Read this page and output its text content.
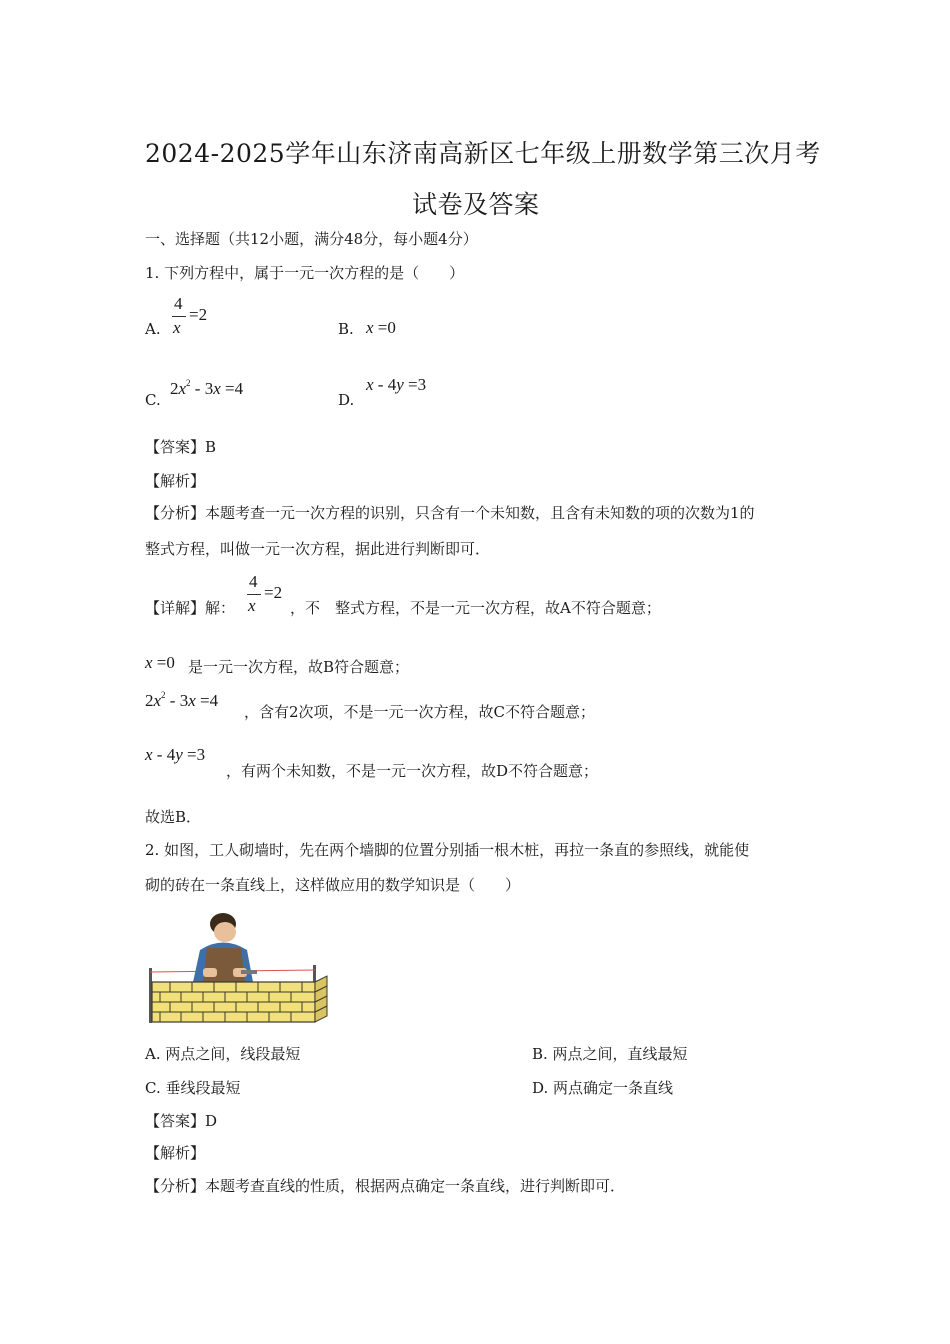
2024-2025学年山东济南高新区七年级上册数学第三次月考
试卷及答案
一、选择题（共12小题，满分48分，每小题4分）
1. 下列方程中，属于一元一次方程的是（　　）
A.
4
x
=2
B. x =0
C.
$2x^2 - 3x =4$
D.
x - 4y =3
【答案】B
【解析】
【分析】本题考查一元一次方程的识别，只含有一个未知数，且含有未知数的项的次数为1的
整式方程，叫做一元一次方程，据此进行判断即可．
【详解】解：
4
x
=2
，不　整式方程，不是一元一次方程，故A不符合题意；
x =0 是一元一次方程，故B符合题意；
$2x^2 - 3x =4$
，含有2次项，不是一元一次方程，故C不符合题意；
x - 4y =3
，有两个未知数，不是一元一次方程，故D不符合题意；
故选B．
2. 如图，工人砌墙时，先在两个墙脚的位置分别插一根木桩，再拉一条直的参照线，就能使
砌的砖在一条直线上，这样做应用的数学知识是（　　）
A. 两点之间，线段最短	B. 两点之间，直线最短
C. 垂线段最短	D. 两点确定一条直线
【答案】D
【解析】
【分析】本题考查直线的性质，根据两点确定一条直线，进行判断即可．
